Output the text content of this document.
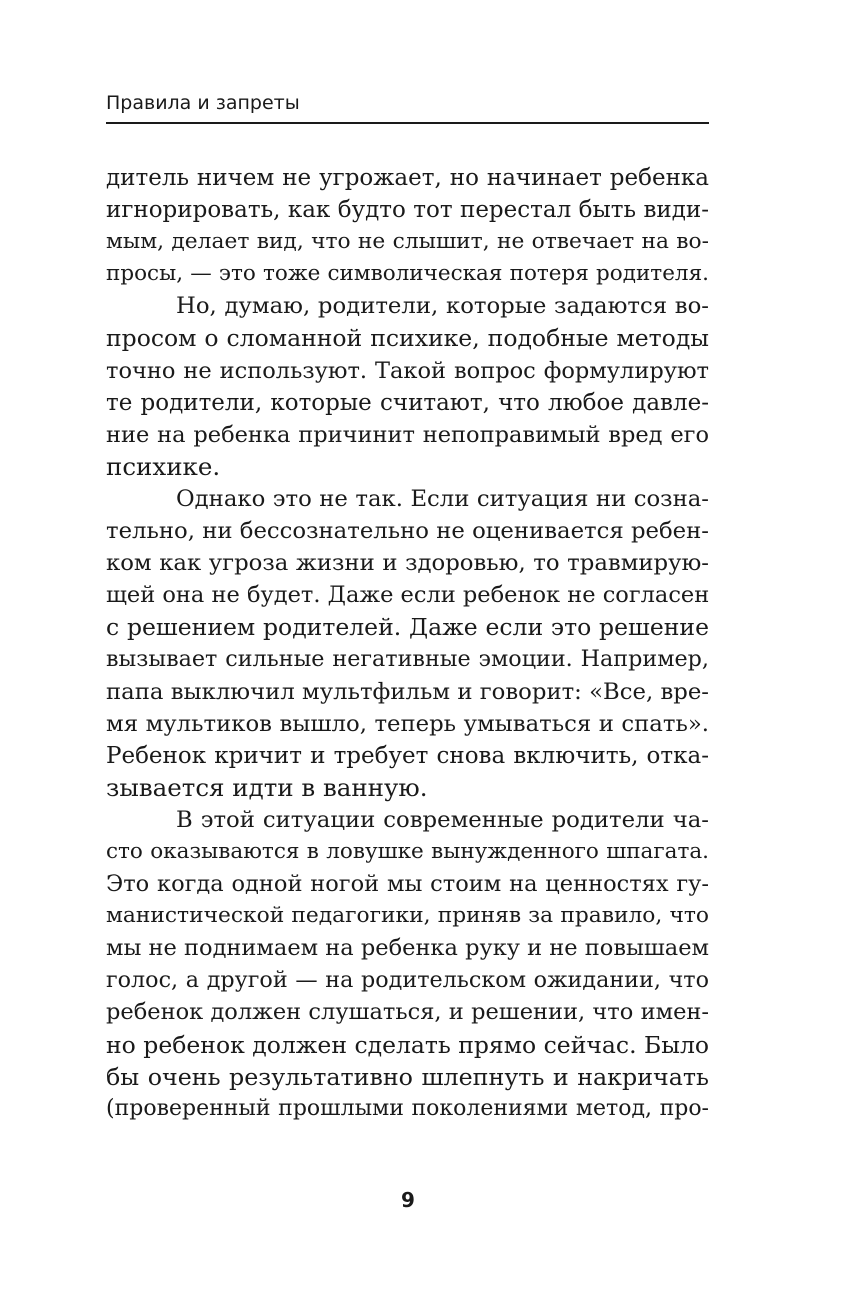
Правила и запреты
дитель ничем не угрожает, но начинает ребенка
игнорировать, как будто тот перестал быть види-
мым, делает вид, что не слышит, не отвечает на во-
просы, — это тоже символическая потеря родителя.
Но, думаю, родители, которые задаются во-
просом о сломанной психике, подобные методы
точно не используют. Такой вопрос формулируют
те родители, которые считают, что любое давле-
ние на ребенка причинит непоправимый вред его
психике.
Однако это не так. Если ситуация ни созна-
тельно, ни бессознательно не оценивается ребен-
ком как угроза жизни и здоровью, то травмирую-
щей она не будет. Даже если ребенок не согласен
с решением родителей. Даже если это решение
вызывает сильные негативные эмоции. Например,
папа выключил мультфильм и говорит: «Все, вре-
мя мультиков вышло, теперь умываться и спать».
Ребенок кричит и требует снова включить, отка-
зывается идти в ванную.
В этой ситуации современные родители ча-
сто оказываются в ловушке вынужденного шпагата.
Это когда одной ногой мы стоим на ценностях гу-
манистической педагогики, приняв за правило, что
мы не поднимаем на ребенка руку и не повышаем
голос, а другой — на родительском ожидании, что
ребенок должен слушаться, и решении, что имен-
но ребенок должен сделать прямо сейчас. Было
бы очень результативно шлепнуть и накричать
(проверенный прошлыми поколениями метод, про-
9
